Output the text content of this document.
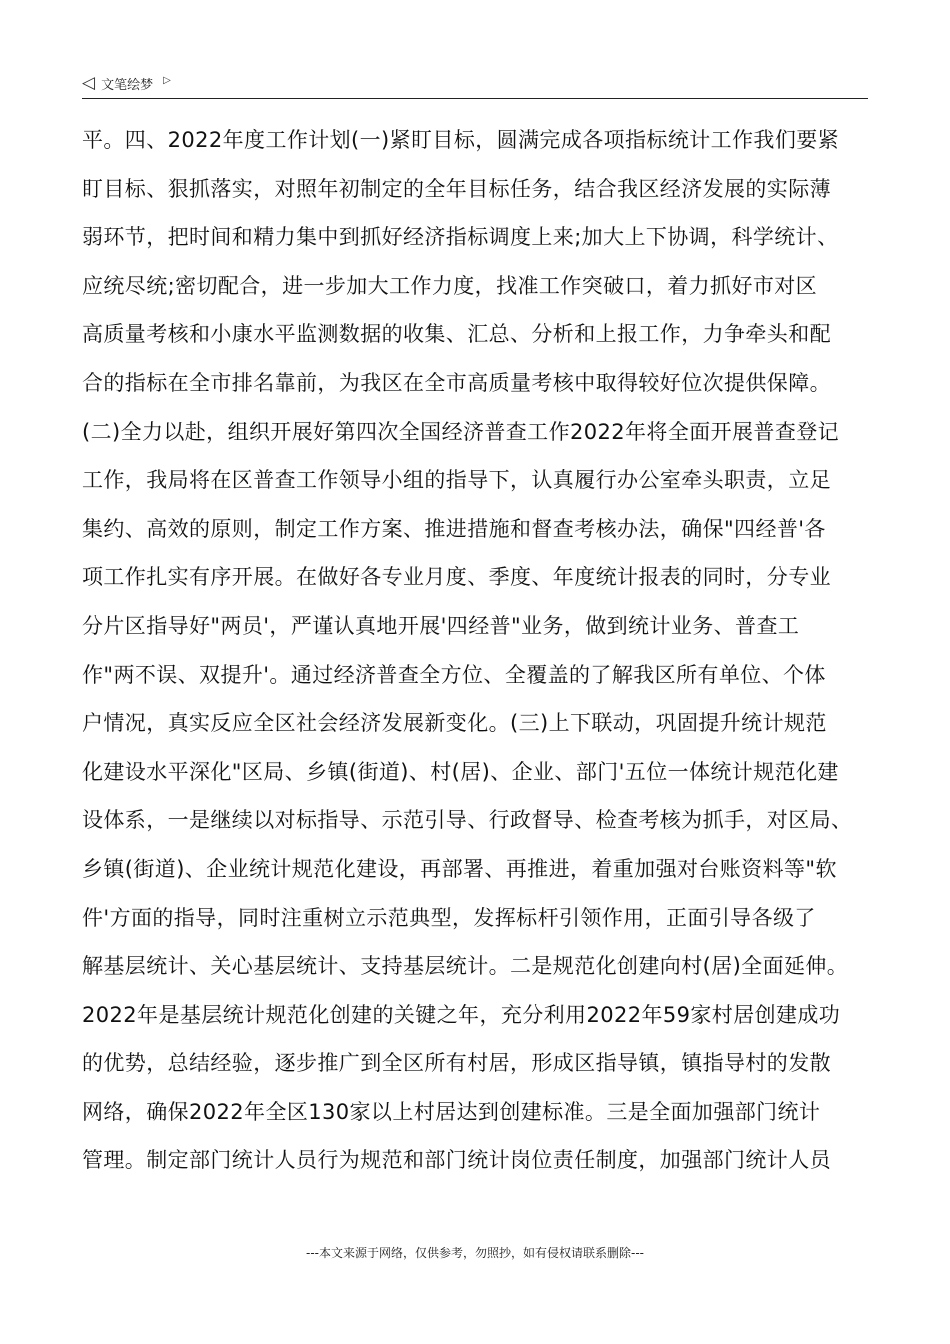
◁ 文笔绘梦 ▷
平。四、2022年度工作计划(一)紧盯目标，圆满完成各项指标统计工作我们要紧
盯目标、狠抓落实，对照年初制定的全年目标任务，结合我区经济发展的实际薄
弱环节，把时间和精力集中到抓好经济指标调度上来;加大上下协调，科学统计、
应统尽统;密切配合，进一步加大工作力度，找准工作突破口，着力抓好市对区
高质量考核和小康水平监测数据的收集、汇总、分析和上报工作，力争牵头和配
合的指标在全市排名靠前，为我区在全市高质量考核中取得较好位次提供保障。
(二)全力以赴，组织开展好第四次全国经济普查工作2022年将全面开展普查登记
工作，我局将在区普查工作领导小组的指导下，认真履行办公室牵头职责，立足
集约、高效的原则，制定工作方案、推进措施和督查考核办法，确保"四经普'各
项工作扎实有序开展。在做好各专业月度、季度、年度统计报表的同时，分专业
分片区指导好"两员'，严谨认真地开展'四经普"业务，做到统计业务、普查工
作"两不误、双提升'。通过经济普查全方位、全覆盖的了解我区所有单位、个体
户情况，真实反应全区社会经济发展新变化。(三)上下联动，巩固提升统计规范
化建设水平深化"区局、乡镇(街道)、村(居)、企业、部门'五位一体统计规范化建
设体系，一是继续以对标指导、示范引导、行政督导、检查考核为抓手，对区局、
乡镇(街道)、企业统计规范化建设，再部署、再推进，着重加强对台账资料等"软
件'方面的指导，同时注重树立示范典型，发挥标杆引领作用，正面引导各级了
解基层统计、关心基层统计、支持基层统计。二是规范化创建向村(居)全面延伸。
2022年是基层统计规范化创建的关键之年，充分利用2022年59家村居创建成功
的优势，总结经验，逐步推广到全区所有村居，形成区指导镇，镇指导村的发散
网络，确保2022年全区130家以上村居达到创建标准。三是全面加强部门统计
管理。制定部门统计人员行为规范和部门统计岗位责任制度，加强部门统计人员
---本文来源于网络，仅供参考，勿照抄，如有侵权请联系删除---
